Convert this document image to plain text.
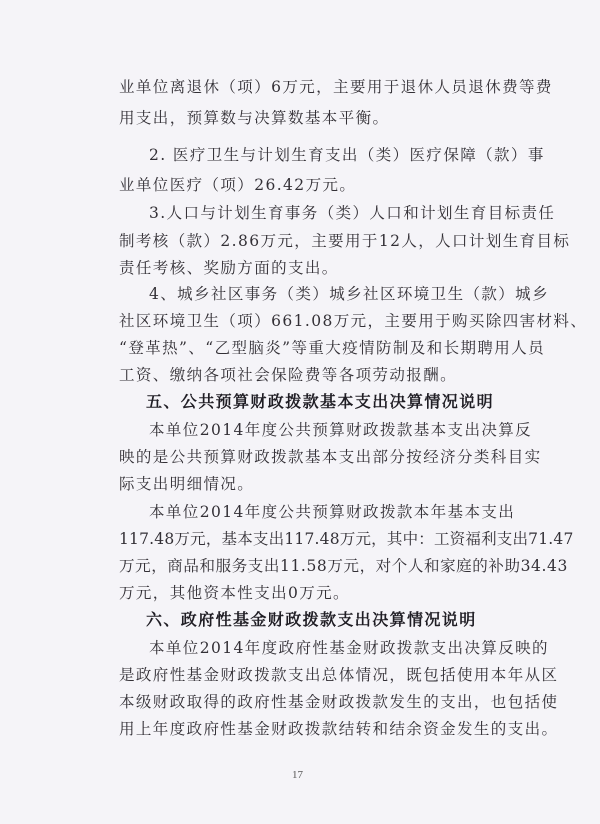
业单位离退休（项）6万元，主要用于退休人员退休费等费
用支出，预算数与决算数基本平衡。
2. 医疗卫生与计划生育支出（类）医疗保障（款）事
业单位医疗（项）26.42万元。
3.人口与计划生育事务（类）人口和计划生育目标责任
制考核（款）2.86万元，主要用于12人，人口计划生育目标
责任考核、奖励方面的支出。
4、城乡社区事务（类）城乡社区环境卫生（款）城乡
社区环境卫生（项）661.08万元，主要用于购买除四害材料、
“登革热”、“乙型脑炎”等重大疫情防制及和长期聘用人员
工资、缴纳各项社会保险费等各项劳动报酬。
五、公共预算财政拨款基本支出决算情况说明
本单位2014年度公共预算财政拨款基本支出决算反
映的是公共预算财政拨款基本支出部分按经济分类科目实
际支出明细情况。
本单位2014年度公共预算财政拨款本年基本支出
117.48万元，基本支出117.48万元，其中：工资福利支出71.47
万元，商品和服务支出11.58万元，对个人和家庭的补助34.43
万元，其他资本性支出0万元。
六、政府性基金财政拨款支出决算情况说明
本单位2014年度政府性基金财政拨款支出决算反映的
是政府性基金财政拨款支出总体情况，既包括使用本年从区
本级财政取得的政府性基金财政拨款发生的支出，也包括使
用上年度政府性基金财政拨款结转和结余资金发生的支出。
17
